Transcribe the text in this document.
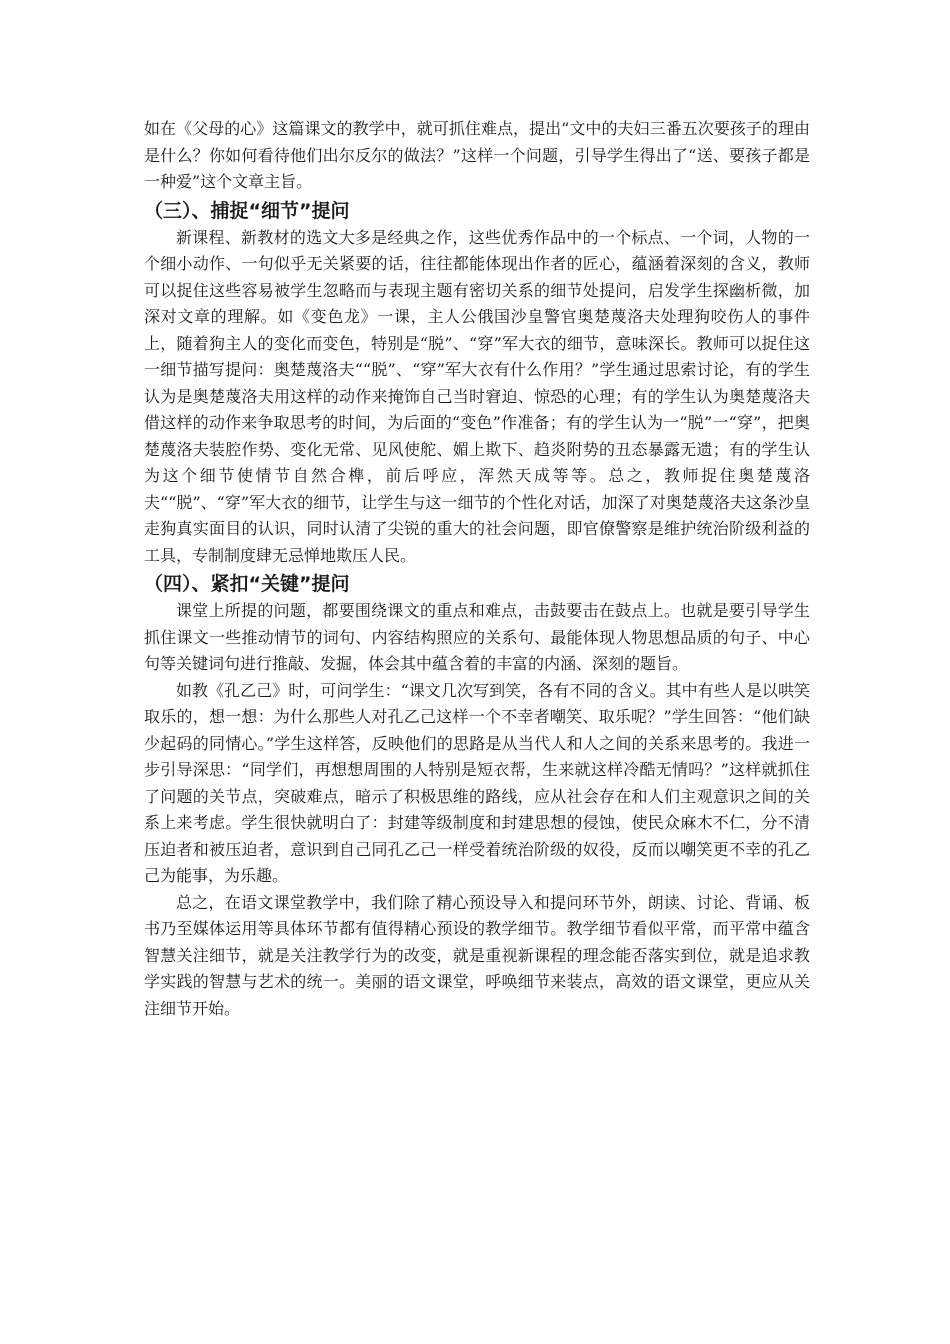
如在《父母的心》这篇课文的教学中，就可抓住难点，提出“文中的夫妇三番五次要孩子的理由是什么？你如何看待他们出尔反尔的做法？”这样一个问题，引导学生得出了“送、要孩子都是一种爱”这个文章主旨。

（三）、捕捉“细节”提问

新课程、新教材的选文大多是经典之作，这些优秀作品中的一个标点、一个词，人物的一个细小动作、一句似乎无关紧要的话，往往都能体现出作者的匠心，蕴涵着深刻的含义，教师可以捉住这些容易被学生忽略而与表现主题有密切关系的细节处提问，启发学生探幽析微，加深对文章的理解。如《变色龙》一课，主人公俄国沙皇警官奥楚蔑洛夫处理狗咬伤人的事件上，随着狗主人的变化而变色，特别是“脱”、“穿”军大衣的细节，意味深长。教师可以捉住这一细节描写提问：奥楚蔑洛夫““脱”、“穿”军大衣有什么作用？”学生通过思索讨论，有的学生认为是奥楚蔑洛夫用这样的动作来掩饰自己当时窘迫、惊恐的心理；有的学生认为奥楚蔑洛夫借这样的动作来争取思考的时间，为后面的“变色”作准备；有的学生认为一“脱”一“穿”，把奥楚蔑洛夫装腔作势、变化无常、见风使舵、媚上欺下、趋炎附势的丑态暴露无遗；有的学生认为这个细节使情节自然合榫，前后呼应，浑然天成等等。总之，教师捉住奥楚蔑洛夫““脱”、“穿”军大衣的细节，让学生与这一细节的个性化对话，加深了对奥楚蔑洛夫这条沙皇走狗真实面目的认识，同时认清了尖锐的重大的社会问题，即官僚警察是维护统治阶级利益的工具，专制制度肆无忌惮地欺压人民。

（四）、紧扣“关键”提问

课堂上所提的问题，都要围绕课文的重点和难点，击鼓要击在鼓点上。也就是要引导学生抓住课文一些推动情节的词句、内容结构照应的关系句、最能体现人物思想品质的句子、中心句等关键词句进行推敲、发掘，体会其中蕴含着的丰富的内涵、深刻的题旨。

如教《孔乙己》时，可问学生：“课文几次写到笑，各有不同的含义。其中有些人是以哄笑取乐的，想一想：为什么那些人对孔乙己这样一个不幸者嘲笑、取乐呢？”学生回答：“他们缺少起码的同情心。”学生这样答，反映他们的思路是从当代人和人之间的关系来思考的。我进一步引导深思：“同学们，再想想周围的人特别是短衣帮，生来就这样冷酷无情吗？”这样就抓住了问题的关节点，突破难点，暗示了积极思维的路线，应从社会存在和人们主观意识之间的关系上来考虑。学生很快就明白了：封建等级制度和封建思想的侵蚀，使民众麻木不仁，分不清压迫者和被压迫者，意识到自己同孔乙己一样受着统治阶级的奴役，反而以嘲笑更不幸的孔乙己为能事，为乐趣。

总之，在语文课堂教学中，我们除了精心预设导入和提问环节外，朗读、讨论、背诵、板书乃至媒体运用等具体环节都有值得精心预设的教学细节。教学细节看似平常，而平常中蕴含智慧关注细节，就是关注教学行为的改变，就是重视新课程的理念能否落实到位，就是追求教学实践的智慧与艺术的统一。美丽的语文课堂，呼唤细节来装点，高效的语文课堂，更应从关注细节开始。
